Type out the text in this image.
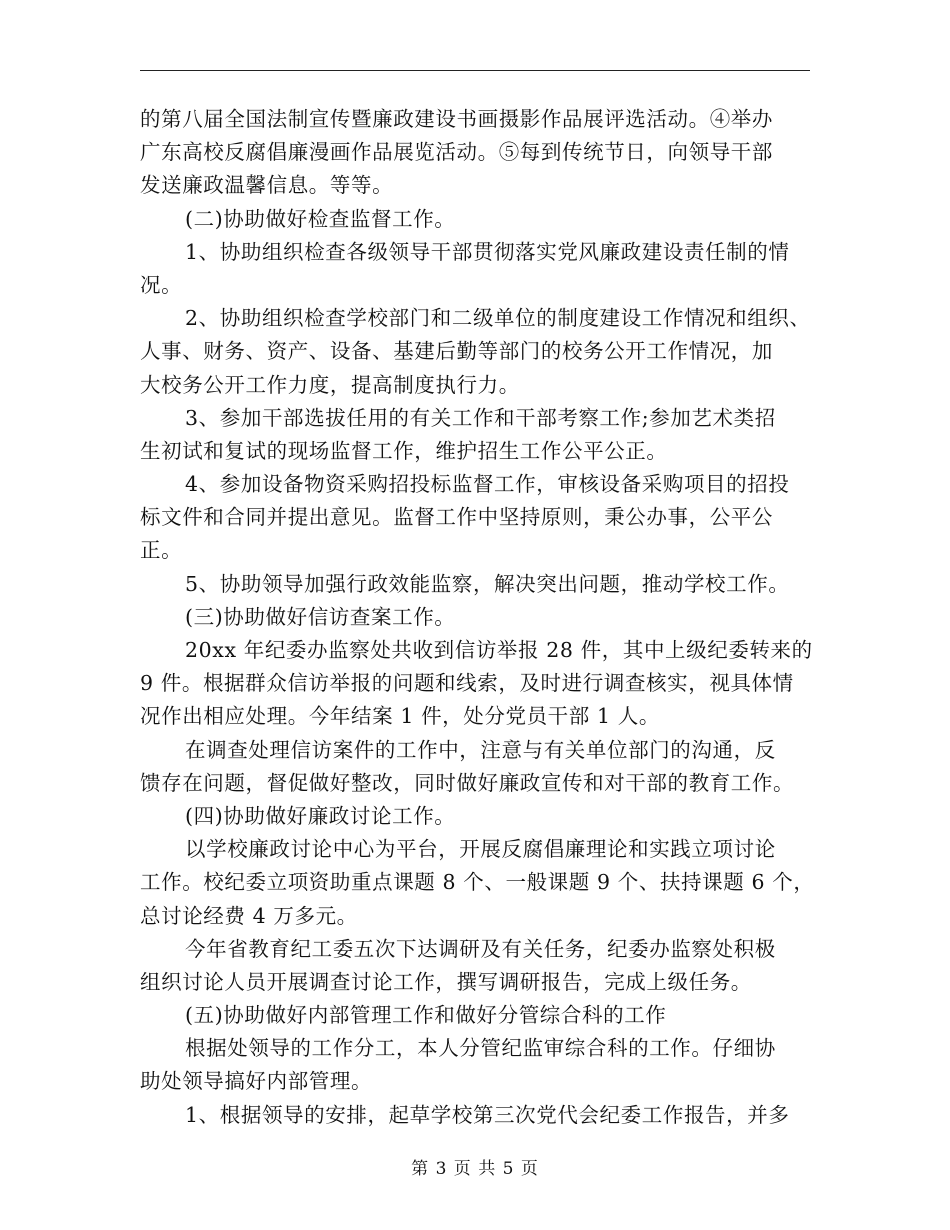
的第八届全国法制宣传暨廉政建设书画摄影作品展评选活动。④举办
广东高校反腐倡廉漫画作品展览活动。⑤每到传统节日，向领导干部
发送廉政温馨信息。等等。
(二)协助做好检查监督工作。
1、协助组织检查各级领导干部贯彻落实党风廉政建设责任制的情
况。
2、协助组织检查学校部门和二级单位的制度建设工作情况和组织、
人事、财务、资产、设备、基建后勤等部门的校务公开工作情况，加
大校务公开工作力度，提高制度执行力。
3、参加干部选拔任用的有关工作和干部考察工作;参加艺术类招
生初试和复试的现场监督工作，维护招生工作公平公正。
4、参加设备物资采购招投标监督工作，审核设备采购项目的招投
标文件和合同并提出意见。监督工作中坚持原则，秉公办事，公平公
正。
5、协助领导加强行政效能监察，解决突出问题，推动学校工作。
(三)协助做好信访查案工作。
20xx 年纪委办监察处共收到信访举报 28 件，其中上级纪委转来的
9 件。根据群众信访举报的问题和线索，及时进行调查核实，视具体情
况作出相应处理。今年结案 1 件，处分党员干部 1 人。
在调查处理信访案件的工作中，注意与有关单位部门的沟通，反
馈存在问题，督促做好整改，同时做好廉政宣传和对干部的教育工作。
(四)协助做好廉政讨论工作。
以学校廉政讨论中心为平台，开展反腐倡廉理论和实践立项讨论
工作。校纪委立项资助重点课题 8 个、一般课题 9 个、扶持课题 6 个，
总讨论经费 4 万多元。
今年省教育纪工委五次下达调研及有关任务，纪委办监察处积极
组织讨论人员开展调查讨论工作，撰写调研报告，完成上级任务。
(五)协助做好内部管理工作和做好分管综合科的工作
根据处领导的工作分工，本人分管纪监审综合科的工作。仔细协
助处领导搞好内部管理。
1、根据领导的安排，起草学校第三次党代会纪委工作报告，并多
第 3 页 共 5 页
